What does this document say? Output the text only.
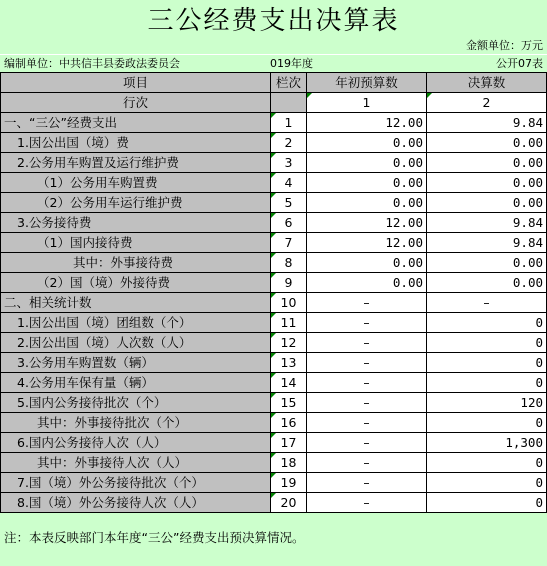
三公经费支出决算表
金额单位：万元
编制单位：中共信丰县委政法委员会	019年度	公开07表
项目	栏次	年初预算数	决算数
行次		1	2
一、“三公”经费支出	1	12.00	9.84
1.因公出国（境）费	2	0.00	0.00
2.公务用车购置及运行维护费	3	0.00	0.00
（1）公务用车购置费	4	0.00	0.00
（2）公务用车运行维护费	5	0.00	0.00
3.公务接待费	6	12.00	9.84
（1）国内接待费	7	12.00	9.84
其中：外事接待费	8	0.00	0.00
（2）国（境）外接待费	9	0.00	0.00
二、相关统计数	10	–	–
1.因公出国（境）团组数（个）	11	–	0
2.因公出国（境）人次数（人）	12	–	0
3.公务用车购置数（辆）	13	–	0
4.公务用车保有量（辆）	14	–	0
5.国内公务接待批次（个）	15	–	120
其中：外事接待批次（个）	16	–	0
6.国内公务接待人次（人）	17	–	1,300
其中：外事接待人次（人）	18	–	0
7.国（境）外公务接待批次（个）	19	–	0
8.国（境）外公务接待人次（人）	20	–	0
注：本表反映部门本年度“三公”经费支出预决算情况。
